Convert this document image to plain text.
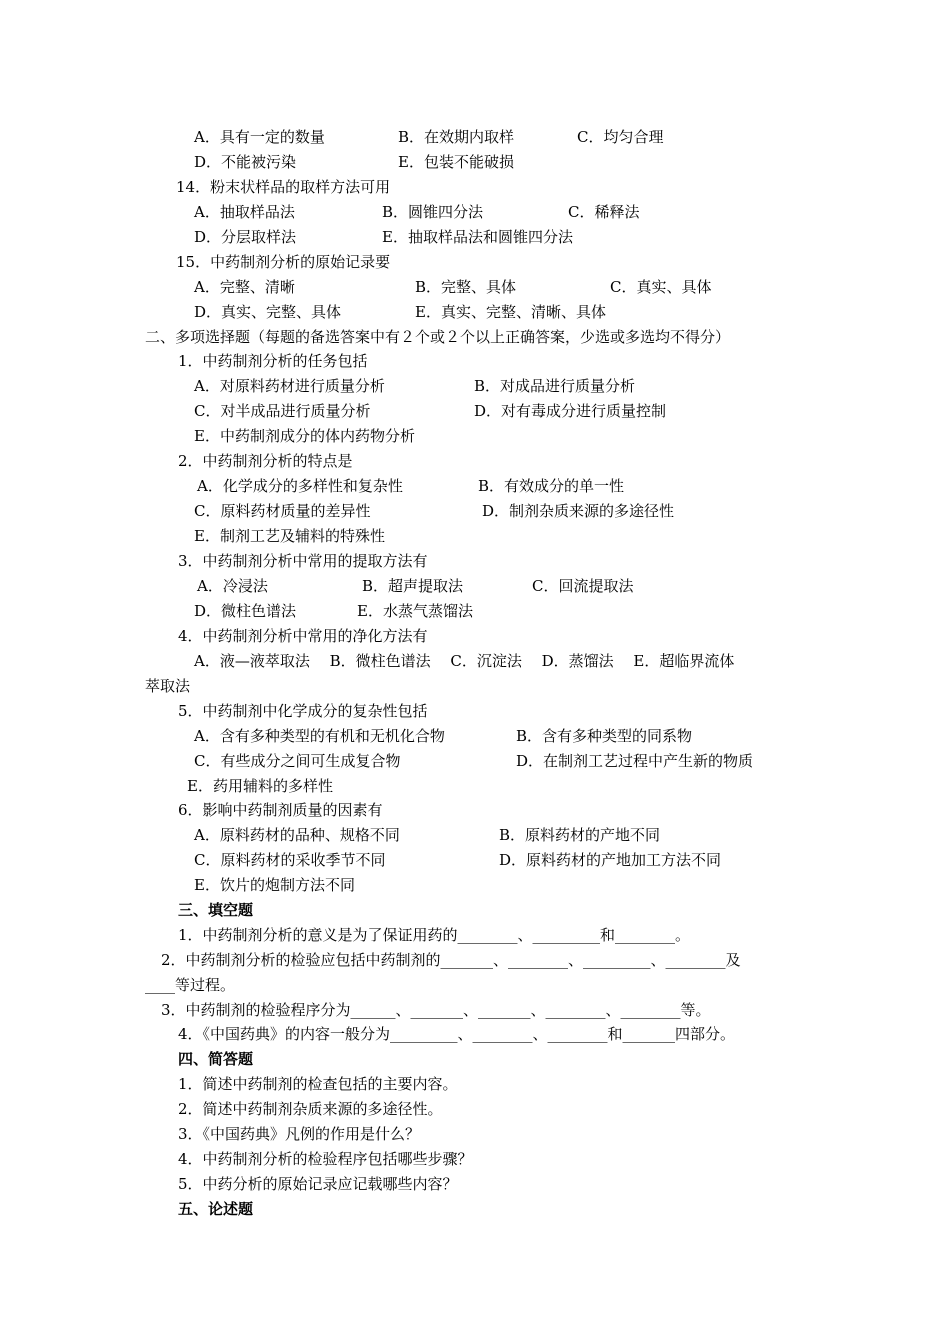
A．具有一定的数量	B．在效期内取样	C．均匀合理
D．不能被污染	E．包装不能破损
14．粉末状样品的取样方法可用
A．抽取样品法	B．圆锥四分法	C．稀释法
D．分层取样法	E．抽取样品法和圆锥四分法
15．中药制剂分析的原始记录要
A．完整、清晰	B．完整、具体	C．真实、具体
D．真实、完整、具体	E．真实、完整、清晰、具体
二、多项选择题（每题的备选答案中有２个或２个以上正确答案，少选或多选均不得分）
1．中药制剂分析的任务包括
A．对原料药材进行质量分析	B．对成品进行质量分析
C．对半成品进行质量分析	D．对有毒成分进行质量控制
E．中药制剂成分的体内药物分析
2．中药制剂分析的特点是
A．化学成分的多样性和复杂性	B．有效成分的单一性
C．原料药材质量的差异性	D．制剂杂质来源的多途径性
E．制剂工艺及辅料的特殊性
3．中药制剂分析中常用的提取方法有
A．冷浸法	B．超声提取法	C．回流提取法
D．微柱色谱法	E．水蒸气蒸馏法
4．中药制剂分析中常用的净化方法有
A．液—液萃取法　 B．微柱色谱法　 C．沉淀法　 D．蒸馏法　 E．超临界流体
萃取法
5．中药制剂中化学成分的复杂性包括
A．含有多种类型的有机和无机化合物	B．含有多种类型的同系物
C．有些成分之间可生成复合物	D．在制剂工艺过程中产生新的物质
E．药用辅料的多样性
6．影响中药制剂质量的因素有
A．原料药材的品种、规格不同	B．原料药材的产地不同
C．原料药材的采收季节不同	D．原料药材的产地加工方法不同
E．饮片的炮制方法不同
三、填空题
1．中药制剂分析的意义是为了保证用药的________、_________和________。
2．中药制剂分析的检验应包括中药制剂的_______、________、_________、________及
____等过程。
3．中药制剂的检验程序分为______、_______、_______、________、________等。
4．《中国药典》的内容一般分为_________、________、________和_______四部分。
四、简答题
1．简述中药制剂的检查包括的主要内容。
2．简述中药制剂杂质来源的多途径性。
3．《中国药典》凡例的作用是什么？
4．中药制剂分析的检验程序包括哪些步骤？
5．中药分析的原始记录应记载哪些内容？
五、论述题
